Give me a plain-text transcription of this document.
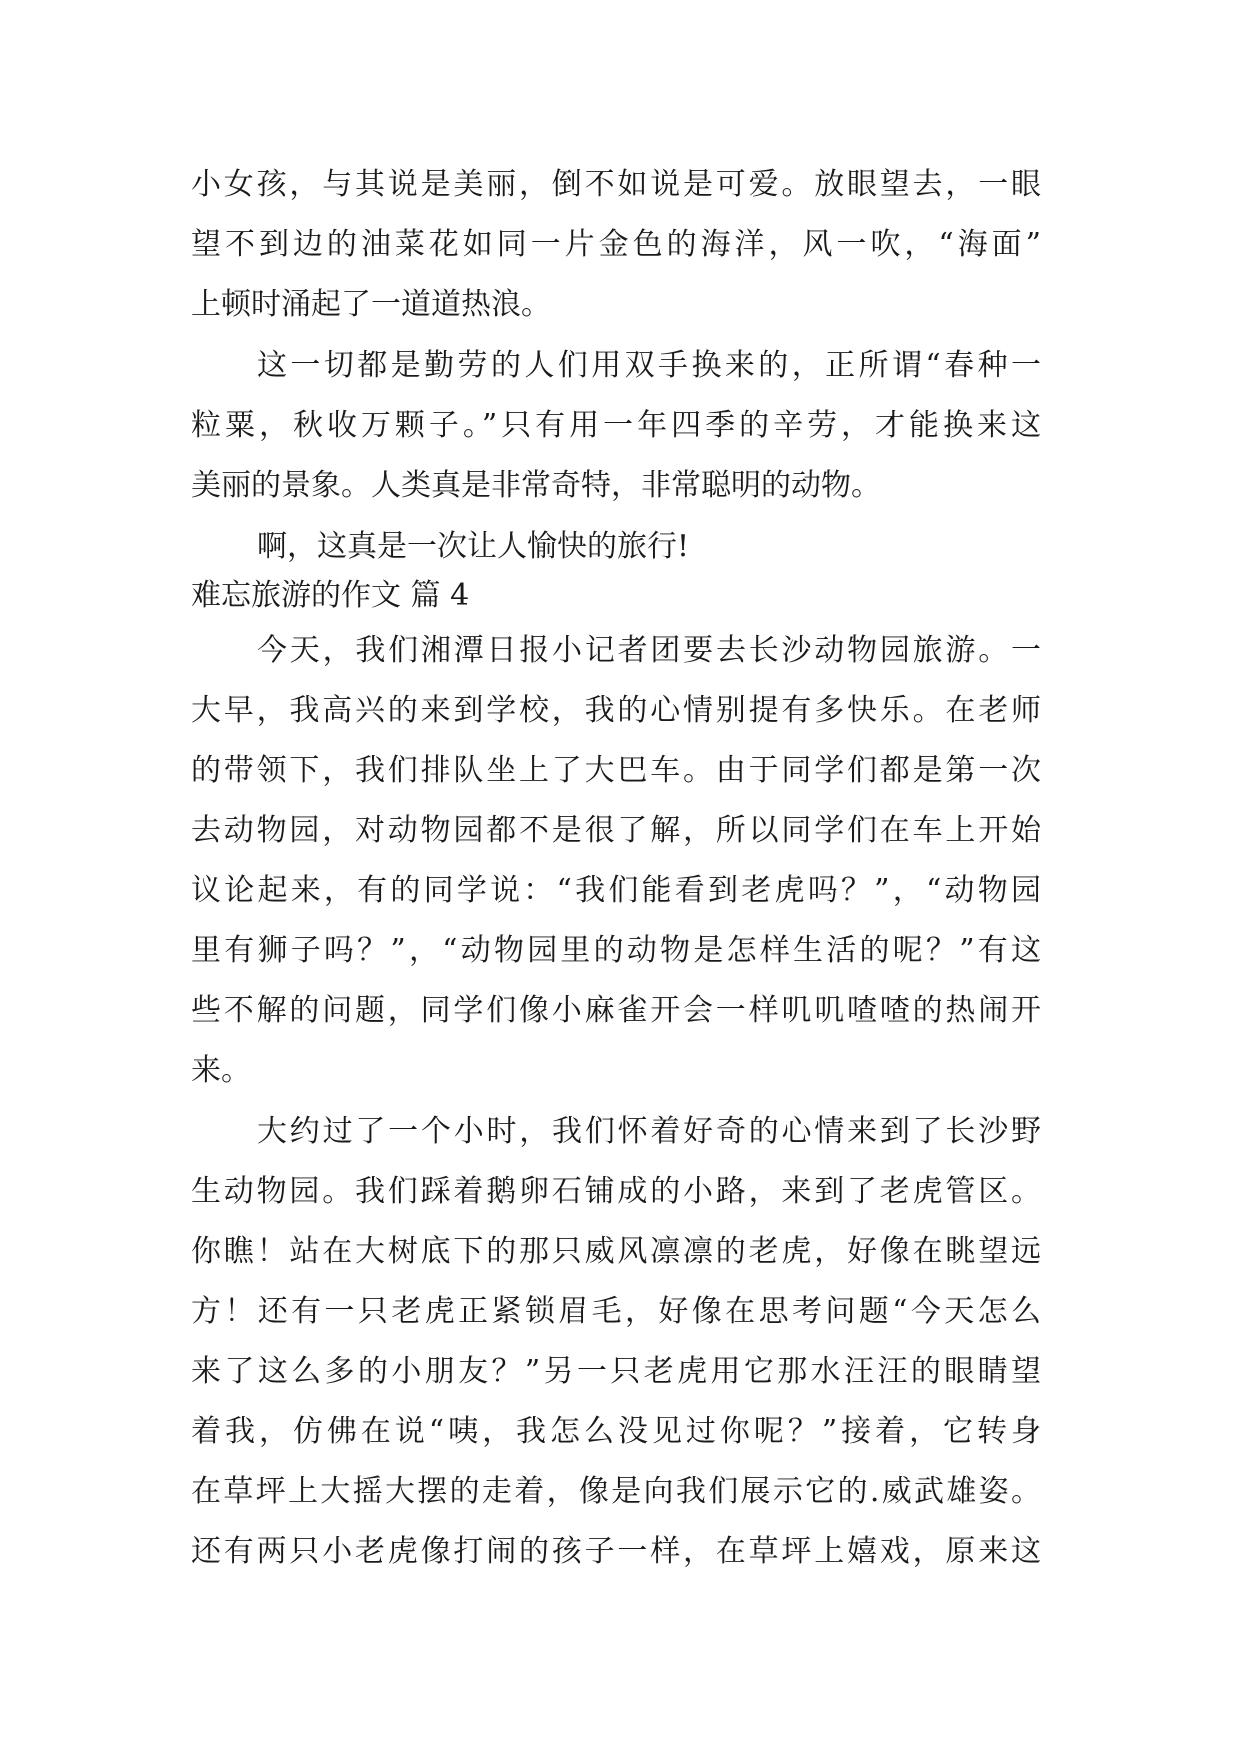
小女孩，与其说是美丽，倒不如说是可爱。放眼望去，一眼
望不到边的油菜花如同一片金色的海洋，风一吹，“海面”
上顿时涌起了一道道热浪。
这一切都是勤劳的人们用双手换来的，正所谓“春种一
粒粟，秋收万颗子。”只有用一年四季的辛劳，才能换来这
美丽的景象。人类真是非常奇特，非常聪明的动物。
啊，这真是一次让人愉快的旅行!
难忘旅游的作文 篇 4
今天，我们湘潭日报小记者团要去长沙动物园旅游。一
大早，我高兴的来到学校，我的心情别提有多快乐。在老师
的带领下，我们排队坐上了大巴车。由于同学们都是第一次
去动物园，对动物园都不是很了解，所以同学们在车上开始
议论起来，有的同学说：“我们能看到老虎吗？”，“动物园
里有狮子吗？”，“动物园里的动物是怎样生活的呢？”有这
些不解的问题，同学们像小麻雀开会一样叽叽喳喳的热闹开
来。
大约过了一个小时，我们怀着好奇的心情来到了长沙野
生动物园。我们踩着鹅卵石铺成的小路，来到了老虎管区。
你瞧！站在大树底下的那只威风凛凛的老虎，好像在眺望远
方！还有一只老虎正紧锁眉毛，好像在思考问题“今天怎么
来了这么多的小朋友？”另一只老虎用它那水汪汪的眼睛望
着我，仿佛在说“咦，我怎么没见过你呢？”接着，它转身
在草坪上大摇大摆的走着，像是向我们展示它的.威武雄姿。
还有两只小老虎像打闹的孩子一样，在草坪上嬉戏，原来这
